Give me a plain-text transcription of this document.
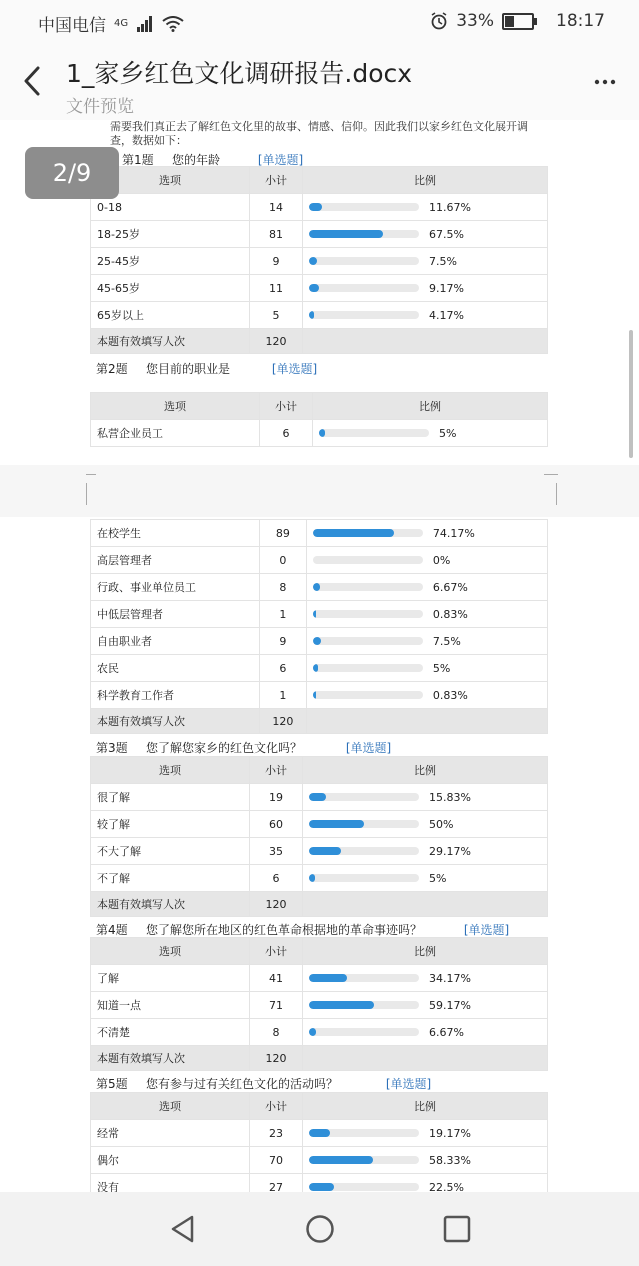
中国电信 4G	33%	18:17
1_家乡红色文化调研报告.docx
文件预览
需要我们真正去了解红色文化里的故事、情感、信仰。因此我们以家乡红色文化展开调
查，数据如下：
第1题 您的年龄	[单选题]
选项	小计	比例
0-18	14	11.67%

18-25岁	81	67.5%

25-45岁	9	7.5%

45-65岁	11	9.17%

65岁以上	5	4.17%

本题有效填写人次	120	
第2题 您目前的职业是	[单选题]
选项	小计	比例
私营企业员工	6	5%
在校学生	89	74.17%

高层管理者	0	0%

行政、事业单位员工	8	6.67%

中低层管理者	1	0.83%

自由职业者	9	7.5%

农民	6	5%

科学教育工作者	1	0.83%

本题有效填写人次	120	
第3题 您了解您家乡的红色文化吗？	[单选题]
选项	小计	比例
很了解	19	15.83%

较了解	60	50%

不大了解	35	29.17%

不了解	6	5%

本题有效填写人次	120	
第4题 您了解您所在地区的红色革命根据地的革命事迹吗？	[单选题]
选项	小计	比例
了解	41	34.17%

知道一点	71	59.17%

不清楚	8	6.67%

本题有效填写人次	120	
第5题 您有参与过有关红色文化的活动吗？	[单选题]
选项	小计	比例
经常	23	19.17%

偶尔	70	58.33%

没有	27	22.5%
2/9
